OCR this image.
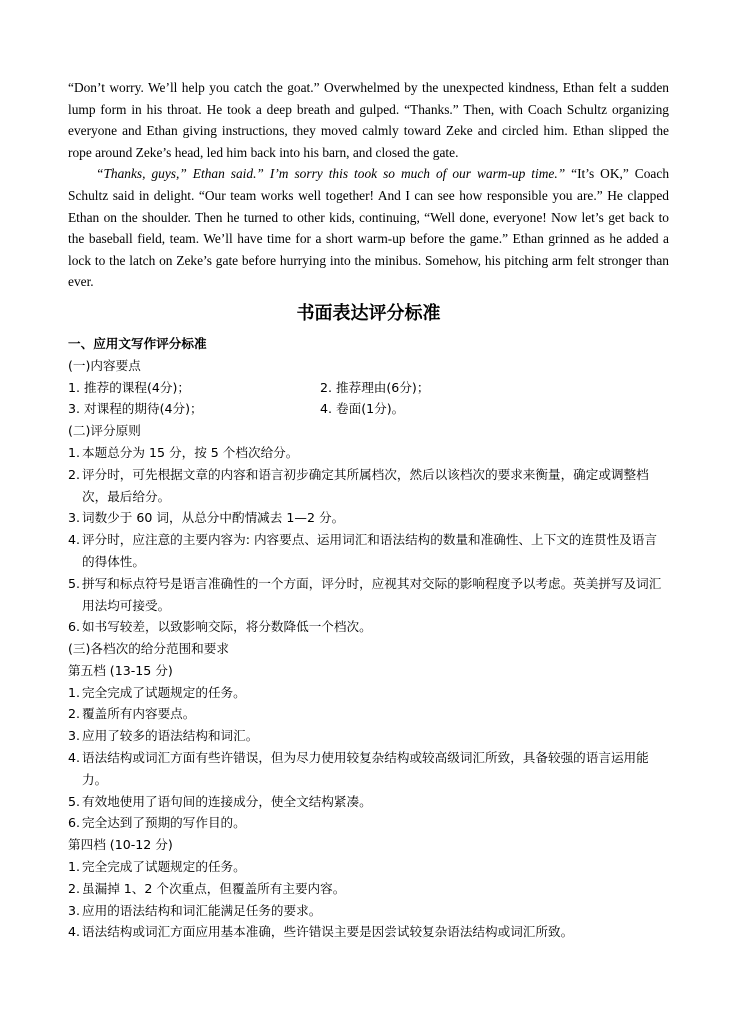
“Don’t worry. We’ll help you catch the goat.” Overwhelmed by the unexpected kindness, Ethan felt a sudden lump form in his throat. He took a deep breath and gulped. “Thanks.” Then, with Coach Schultz organizing everyone and Ethan giving instructions, they moved calmly toward Zeke and circled him. Ethan slipped the rope around Zeke’s head, led him back into his barn, and closed the gate.

“Thanks, guys,” Ethan said.” I’m sorry this took so much of our warm-up time.” “It’s OK,” Coach Schultz said in delight. “Our team works well together! And I can see how responsible you are.” He clapped Ethan on the shoulder. Then he turned to other kids, continuing, “Well done, everyone! Now let’s get back to the baseball field, team. We’ll have time for a short warm-up before the game.” Ethan grinned as he added a lock to the latch on Zeke’s gate before hurrying into the minibus. Somehow, his pitching arm felt stronger than ever.

书面表达评分标准

一、应用文写作评分标准

(一)内容要点

1. 推荐的课程(4分)；	2. 推荐理由(6分)；
3. 对课程的期待(4分)；	4. 卷面(1分)。

(二)评分原则

1. 本题总分为 15 分，按 5 个档次给分。
2. 评分时，可先根据文章的内容和语言初步确定其所属档次，然后以该档次的要求来衡量，确定或调整档次，最后给分。
3. 词数少于 60 词，从总分中酌情减去 1—2 分。
4. 评分时，应注意的主要内容为: 内容要点、运用词汇和语法结构的数量和准确性、上下文的连贯性及语言的得体性。
5. 拼写和标点符号是语言准确性的一个方面，评分时，应视其对交际的影响程度予以考虑。英美拼写及词汇用法均可接受。
6. 如书写较差，以致影响交际，将分数降低一个档次。

(三)各档次的给分范围和要求

第五档 (13-15 分)

1. 完全完成了试题规定的任务。
2. 覆盖所有内容要点。
3. 应用了较多的语法结构和词汇。
4. 语法结构或词汇方面有些许错误，但为尽力使用较复杂结构或较高级词汇所致，具备较强的语言运用能力。
5. 有效地使用了语句间的连接成分，使全文结构紧凑。
6. 完全达到了预期的写作目的。

第四档 (10-12 分)

1. 完全完成了试题规定的任务。
2. 虽漏掉 1、2 个次重点，但覆盖所有主要内容。
3. 应用的语法结构和词汇能满足任务的要求。
4. 语法结构或词汇方面应用基本准确，些许错误主要是因尝试较复杂语法结构或词汇所致。
